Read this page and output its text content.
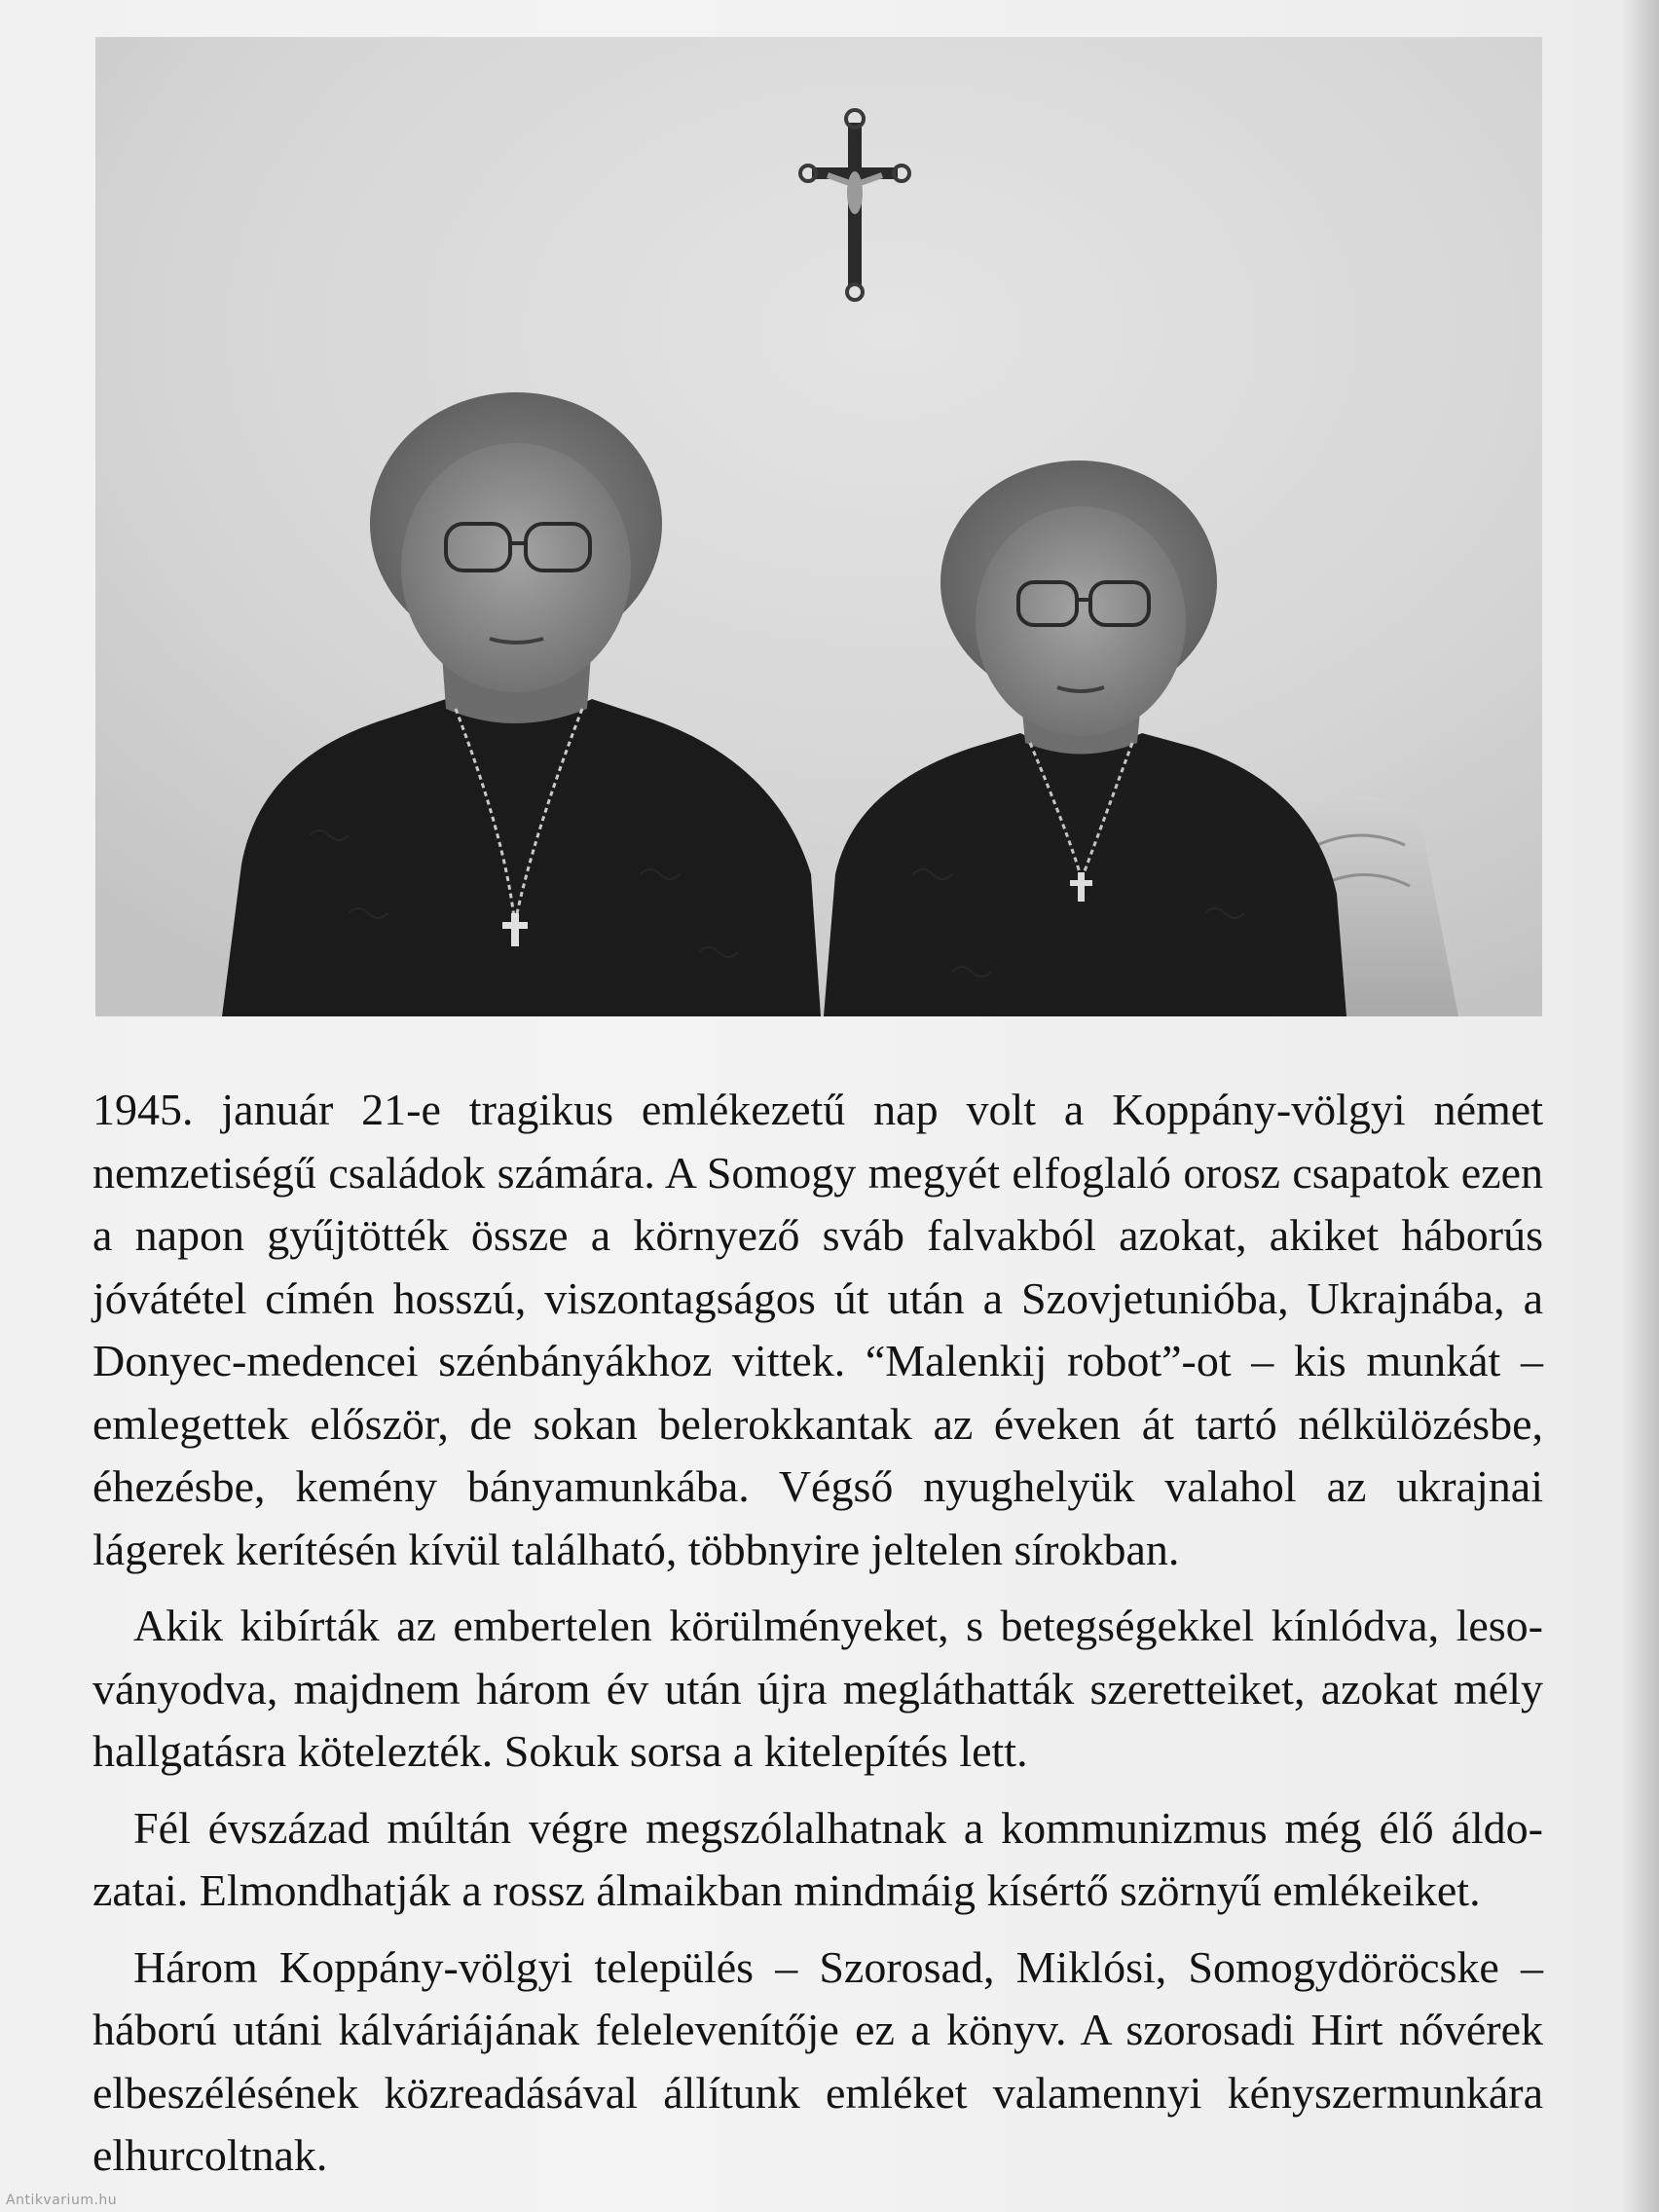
1945. január 21-e tragikus emlékezetű nap volt a Koppány-völgyi német nemzetiségű családok számára. A Somogy megyét elfoglaló orosz csapatok ezen a napon gyűjtötték össze a környező sváb falvakból azokat, akiket háborús jóvátétel címén hosszú, viszontagságos út után a Szovjetunióba, Ukrajnába, a Donyec-medencei szénbányákhoz vittek. “Malenkij robot”-ot – kis munkát – emlegettek először, de sokan belerokkantak az éveken át tartó nélkülözésbe, éhezésbe, kemény bányamunkába. Végső nyughelyük valahol az ukrajnai lágerek kerítésén kívül található, többnyire jeltelen sírokban.

Akik kibírták az embertelen körülményeket, s betegségekkel kínlódva, lesoványodva, majdnem három év után újra megláthatták szeretteiket, azokat mély hallgatásra kötelezték. Sokuk sorsa a kitelepítés lett.

Fél évszázad múltán végre megszólalhatnak a kommunizmus még élő áldozatai. Elmondhatják a rossz álmaikban mindmáig kísértő szörnyű emlékeiket.

Három Koppány-völgyi település – Szorosad, Miklósi, Somogydöröcske – háború utáni kálváriájának felelevenítője ez a könyv. A szorosadi Hirt nővérek elbeszélésének közreadásával állítunk emléket valamennyi kényszermunkára elhurcoltnak.

Antikvarium.hu
